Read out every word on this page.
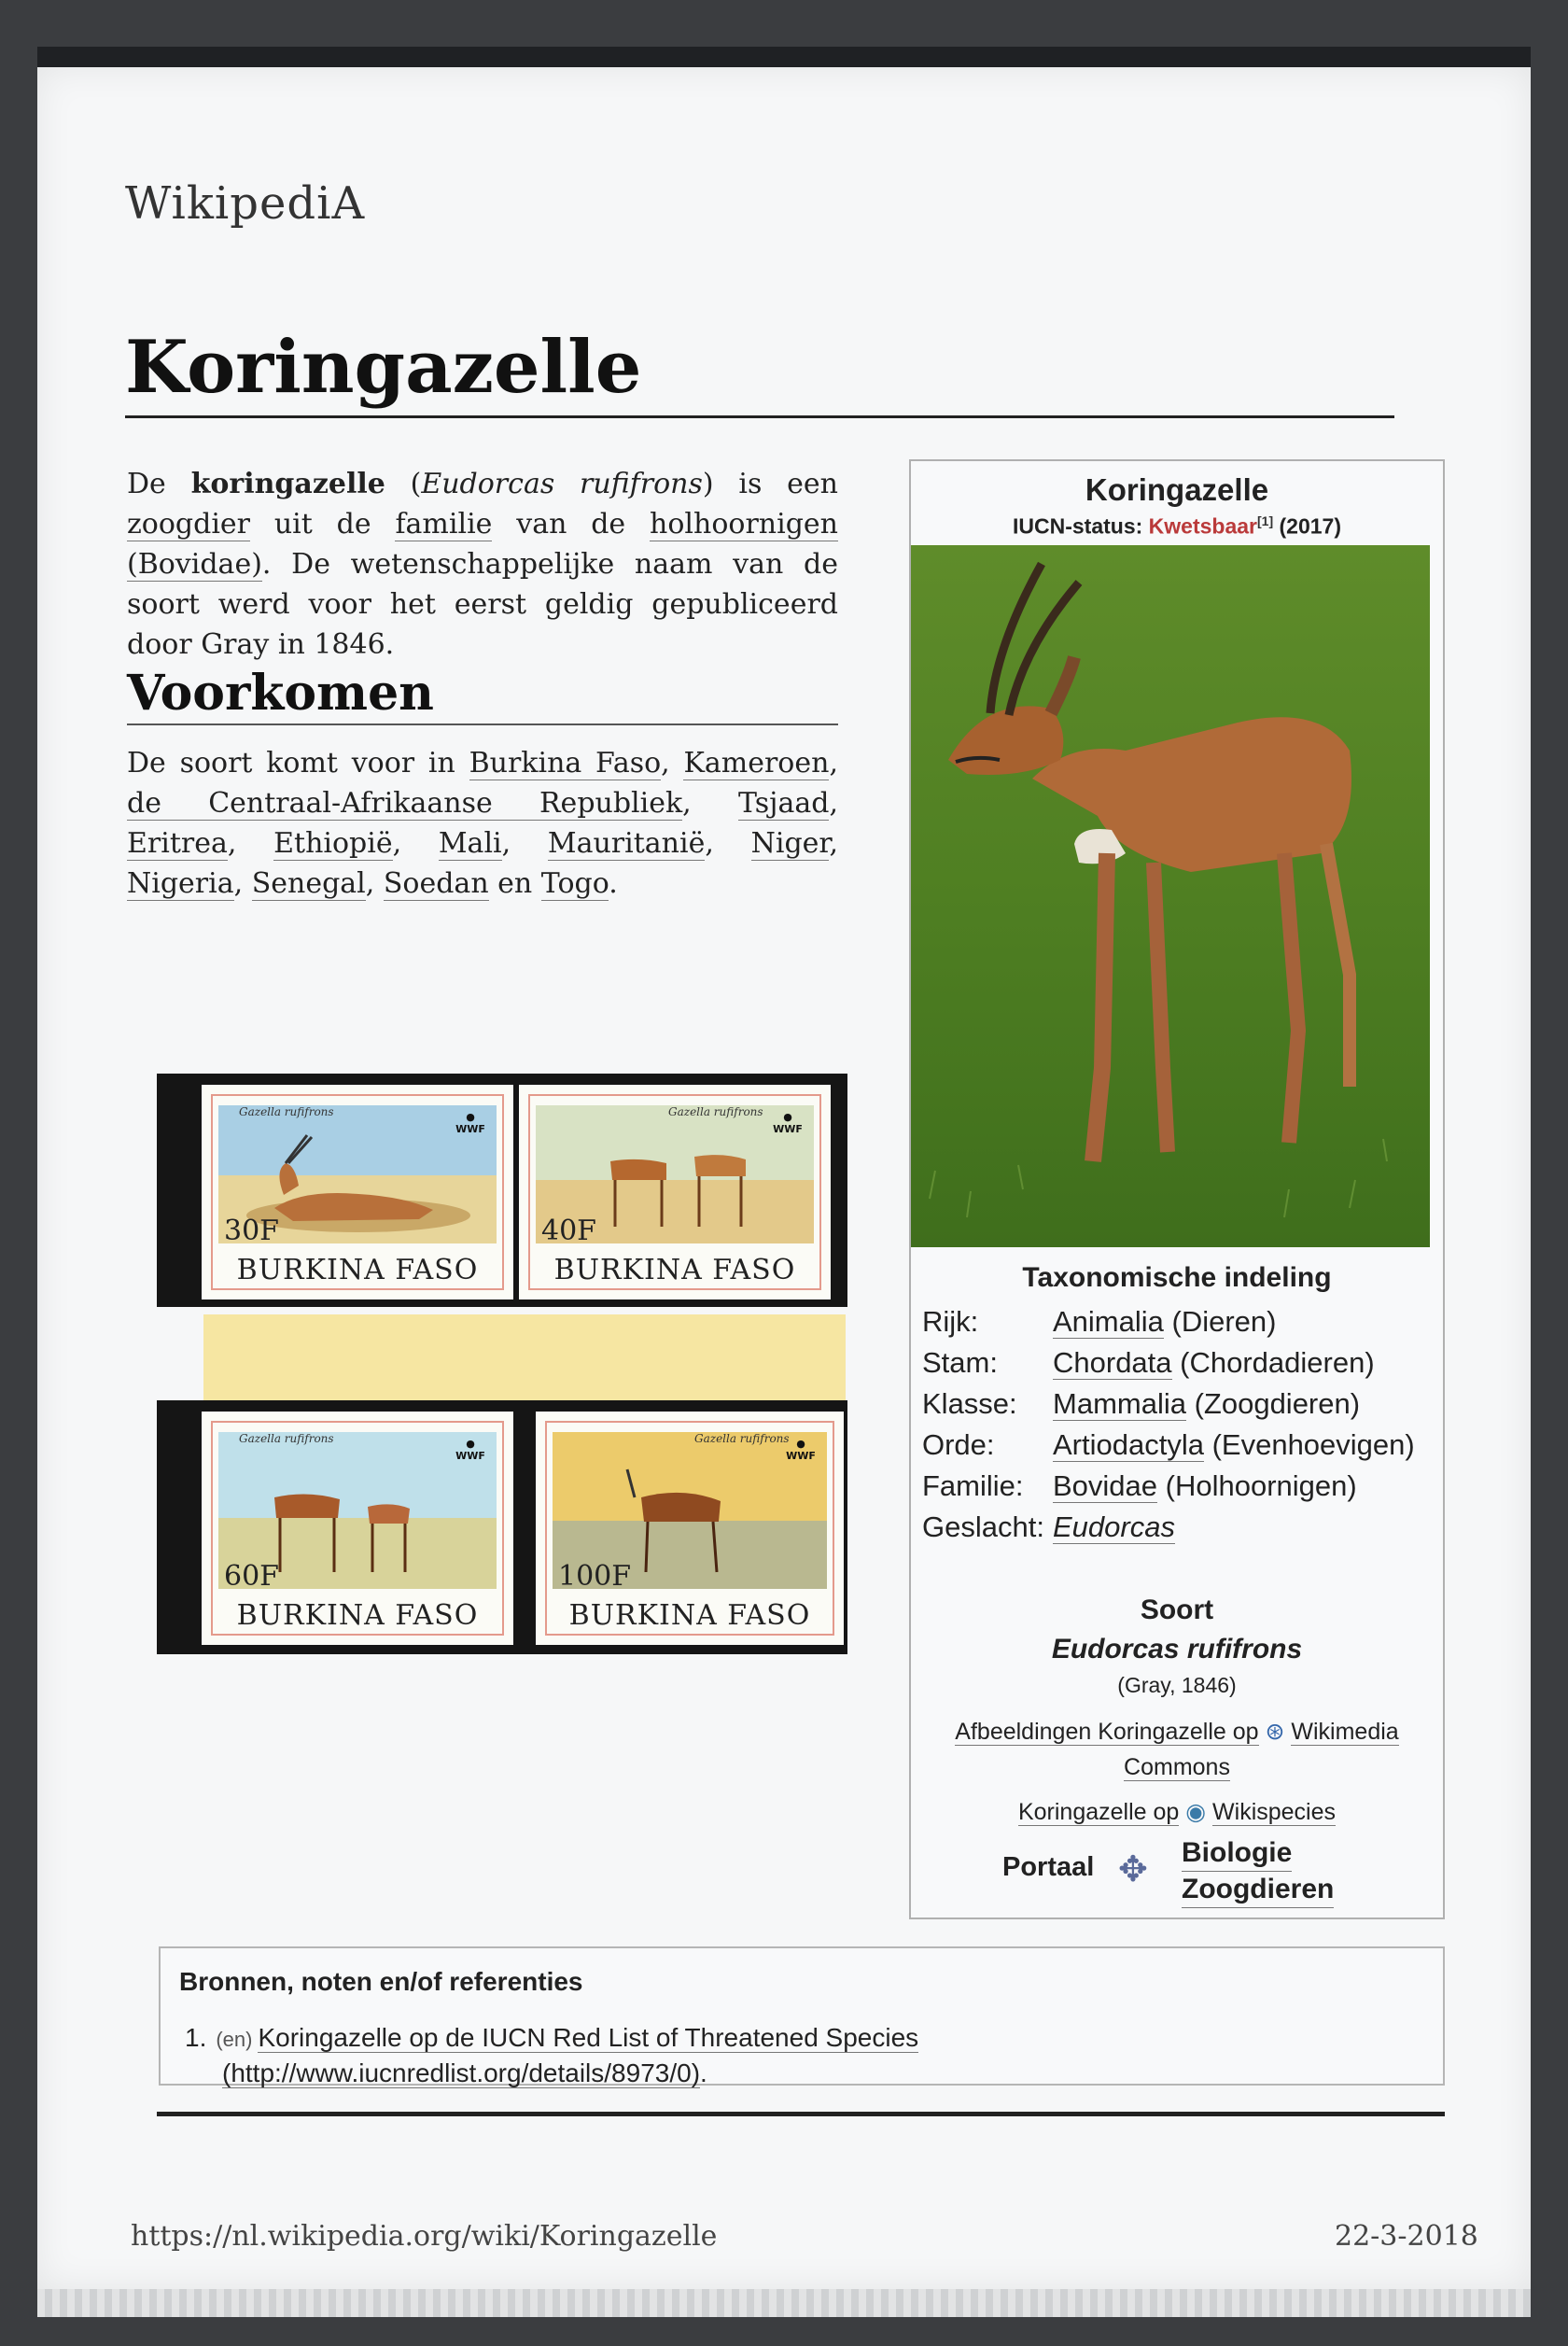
WikipediA
Koringazelle
De koringazelle (Eudorcas rufifrons) is een zoogdier uit de familie van de holhoornigen (Bovidae). De wetenschappelijke naam van de soort werd voor het eerst geldig gepubliceerd door Gray in 1846.
Voorkomen
De soort komt voor in Burkina Faso, Kameroen, de Centraal-Afrikaanse Republiek, Tsjaad, Eritrea, Ethiopië, Mali, Mauritanië, Niger, Nigeria, Senegal, Soedan en Togo.
Gazella rufifrons	●
WWF
30F
BURKINA FASO
Gazella rufifrons	●
WWF
40F
BURKINA FASO
Gazella rufifrons	●
WWF
60F
BURKINA FASO
Gazella rufifrons ●
WWF
100F
BURKINA FASO
Koringazelle
IUCN-status: Kwetsbaar[1] (2017)
Taxonomische indeling
Rijk:	Animalia (Dieren)
Stam:	Chordata (Chordadieren)
Klasse:	Mammalia (Zoogdieren)
Orde:	Artiodactyla (Evenhoevigen)
Familie:	Bovidae (Holhoornigen)
Geslacht: Eudorcas
Soort
Eudorcas rufifrons
(Gray, 1846)
Afbeeldingen Koringazelle op ⊛ Wikimedia Commons
Koringazelle op ◉ Wikispecies
Portaal ✥ Biologie
Zoogdieren
Bronnen, noten en/of referenties
1. (en) Koringazelle op de IUCN Red List of Threatened Species
(http://www.iucnredlist.org/details/8973/0).
https://nl.wikipedia.org/wiki/Koringazelle	22-3-2018
